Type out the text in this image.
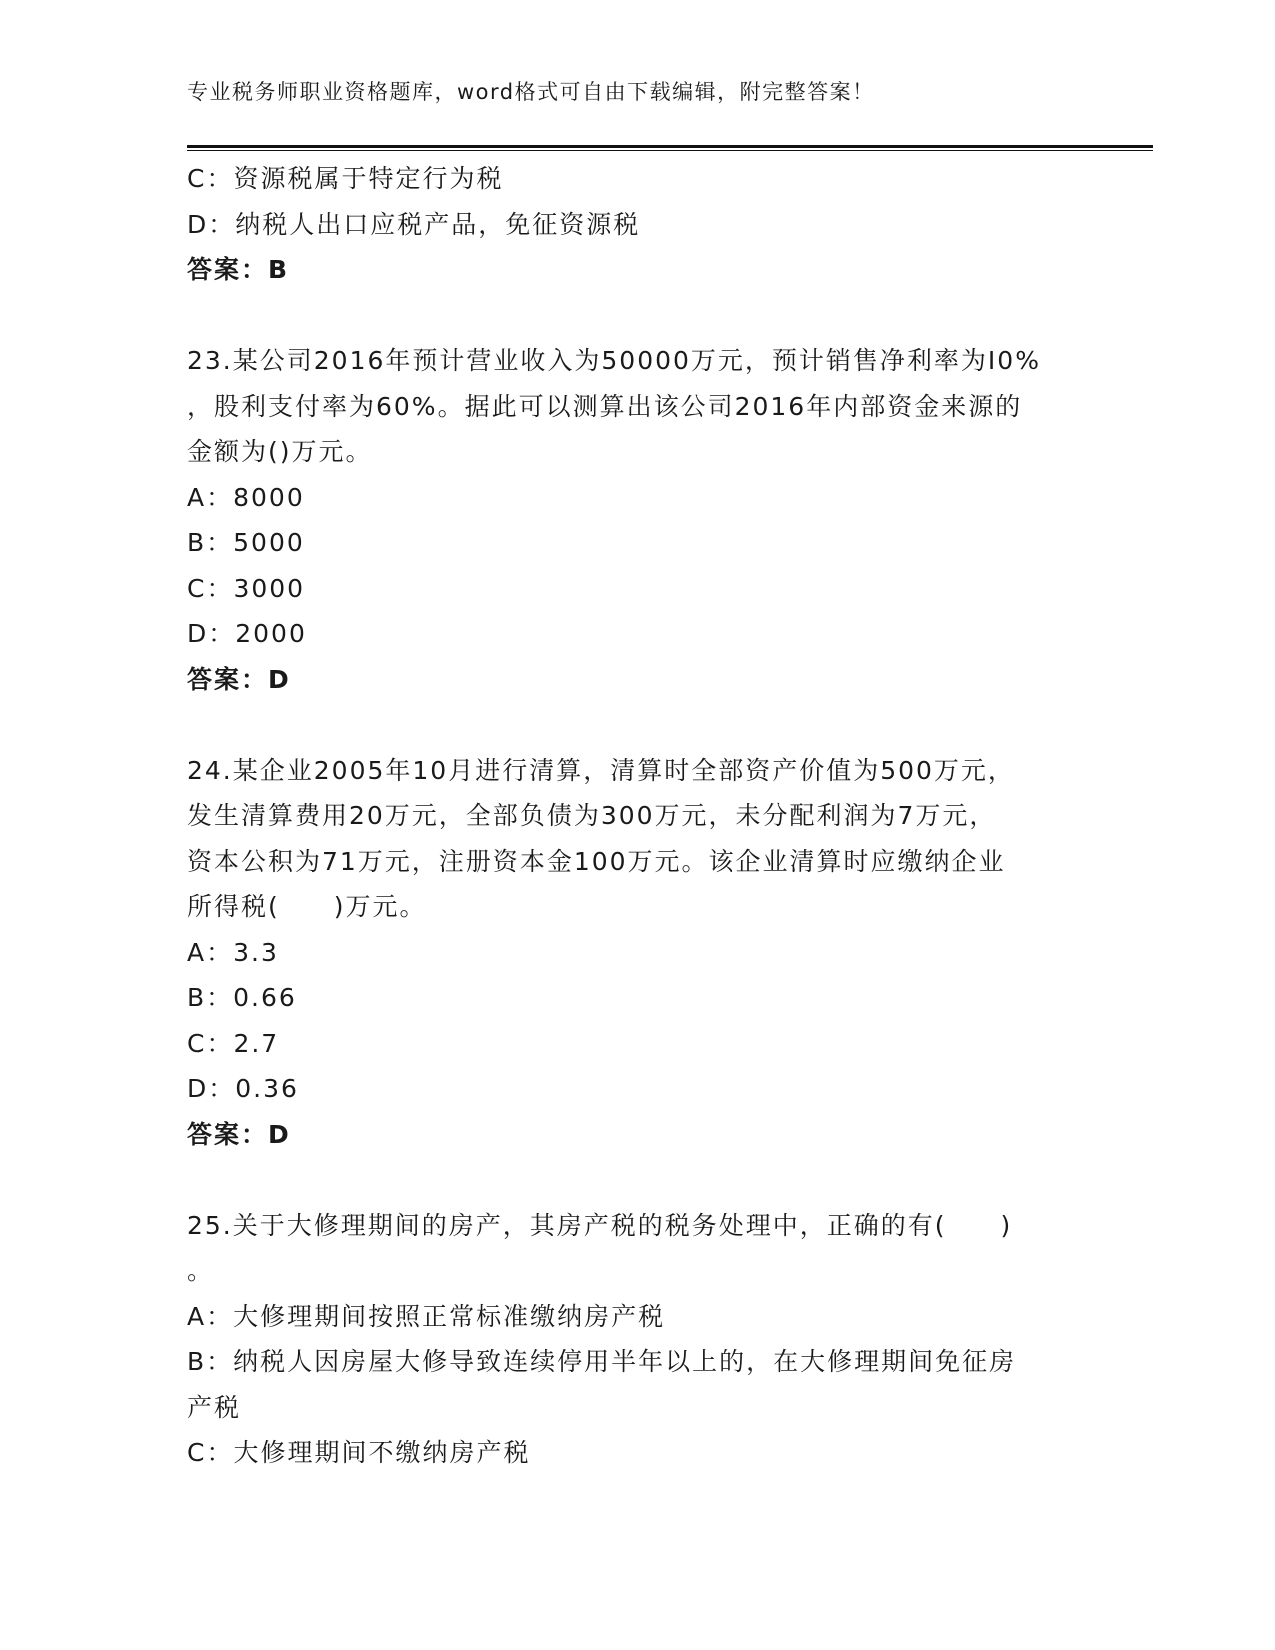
专业税务师职业资格题库，word格式可自由下载编辑，附完整答案！
C：资源税属于特定行为税
D：纳税人出口应税产品，免征资源税
答案：B
23.某公司2016年预计营业收入为50000万元，预计销售净利率为I0%
，股利支付率为60%。据此可以测算出该公司2016年内部资金来源的
金额为()万元。
A：8000
B：5000
C：3000
D：2000
答案：D
24.某企业2005年10月进行清算，清算时全部资产价值为500万元，
发生清算费用20万元，全部负债为300万元，未分配利润为7万元，
资本公积为71万元，注册资本金100万元。该企业清算时应缴纳企业
所得税(　　)万元。
A：3.3
B：0.66
C：2.7
D：0.36
答案：D
25.关于大修理期间的房产，其房产税的税务处理中，正确的有(　　)
。
A：大修理期间按照正常标准缴纳房产税
B：纳税人因房屋大修导致连续停用半年以上的，在大修理期间免征房
产税
C：大修理期间不缴纳房产税
